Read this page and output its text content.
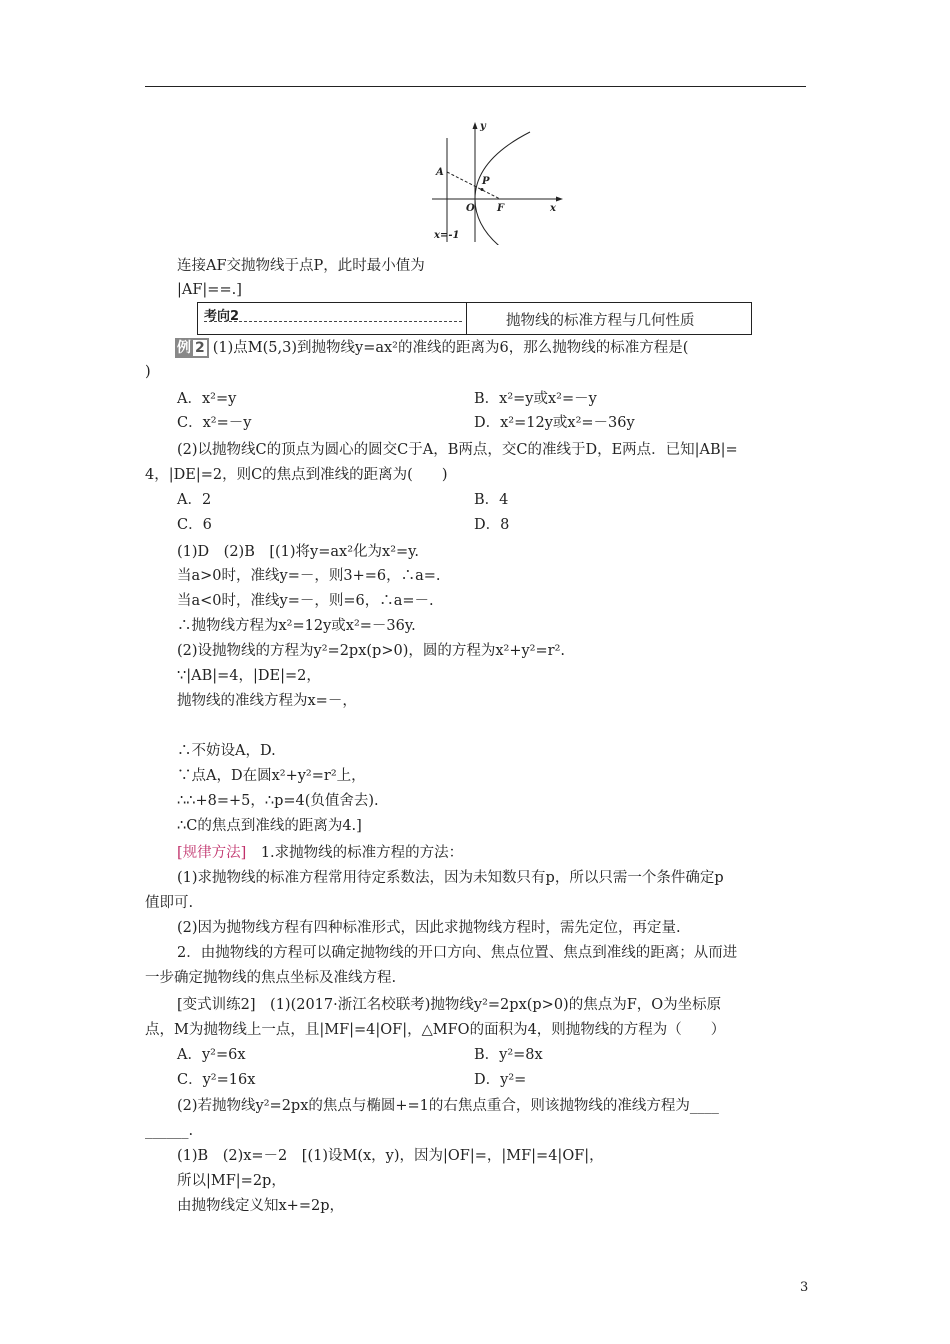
y
x
A
P
O F
x=-1
连接AF交抛物线于点P，此时最小值为
|AF|==.]
考向2	抛物线的标准方程与几何性质
例 2 (1)点M(5,3)到抛物线y=ax²的准线的距离为6，那么抛物线的标准方程是(
)
A．x²=y	B．x²=y或x²=－y
C．x²=－y	D．x²=12y或x²=－36y
(2)以抛物线C的顶点为圆心的圆交C于A，B两点，交C的准线于D，E两点．已知|AB|=
4，|DE|=2，则C的焦点到准线的距离为(　　)
A．2	B．4
C．6	D．8
(1)D　(2)B　[(1)将y=ax²化为x²=y.
当a>0时，准线y=－，则3+=6，∴a=.
当a<0时，准线y=－，则=6，∴a=－.
∴抛物线方程为x²=12y或x²=－36y.
(2)设抛物线的方程为y²=2px(p>0)，圆的方程为x²+y²=r².
∵|AB|=4，|DE|=2，
抛物线的准线方程为x=－，
∴不妨设A，D.
∵点A，D在圆x²+y²=r²上，
∴∴+8=+5，∴p=4(负值舍去).
∴C的焦点到准线的距离为4.]
[规律方法]　 1.求抛物线的标准方程的方法：
(1)求抛物线的标准方程常用待定系数法，因为未知数只有p，所以只需一个条件确定p
值即可.
(2)因为抛物线方程有四种标准形式，因此求抛物线方程时，需先定位，再定量.
2．由抛物线的方程可以确定抛物线的开口方向、焦点位置、焦点到准线的距离；从而进
一步确定抛物线的焦点坐标及准线方程.
[变式训练2]　(1)(2017·浙江名校联考)抛物线y²=2px(p>0)的焦点为F，O为坐标原
点，M为抛物线上一点，且|MF|=4|OF|，△MFO的面积为4，则抛物线的方程为（　　）
A．y²=6x	B．y²=8x
C．y²=16x	D．y²=
(2)若抛物线y²=2px的焦点与椭圆+=1的右焦点重合，则该抛物线的准线方程为____
______.
(1)B　(2)x=－2　[(1)设M(x，y)，因为|OF|=，|MF|=4|OF|，
所以|MF|=2p，
由抛物线定义知x+=2p，
3
